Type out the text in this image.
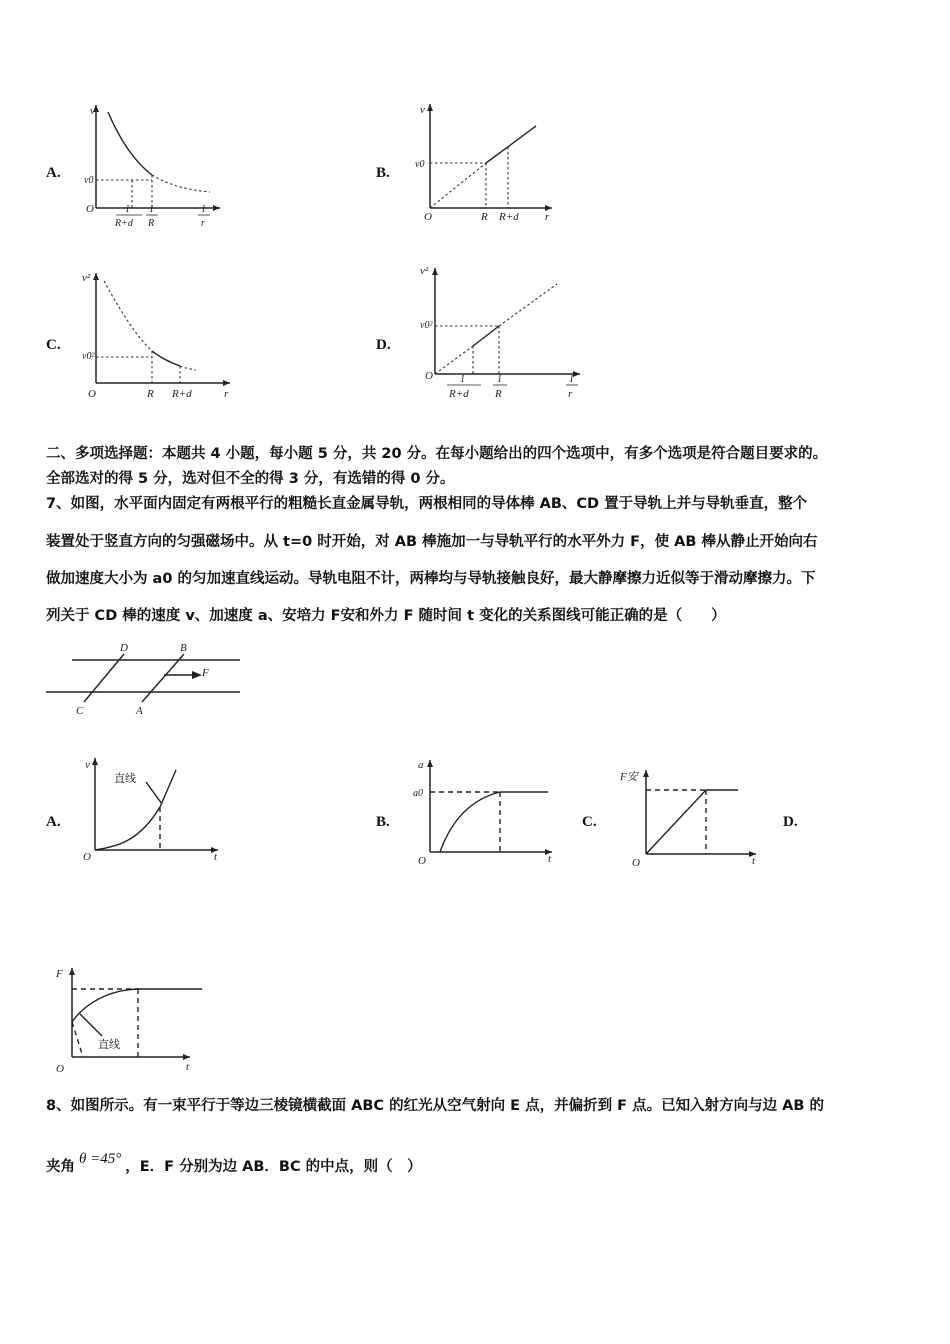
A.
v
v0
O	1
R+d
1
R
1
r
B.
v
v0
O	R R+d r
C.
v²
v0²
O	R R+d	r
D.
v²
v0²
O	1
R+d
1
R
1
r
二、多项选择题：本题共 4 小题，每小题 5 分，共 20 分。在每小题给出的四个选项中，有多个选项是符合题目要求的。
全部选对的得 5 分，选对但不全的得 3 分，有选错的得 0 分。
7、如图，水平面内固定有两根平行的粗糙长直金属导轨，两根相同的导体棒 AB、CD 置于导轨上并与导轨垂直，整个
装置处于竖直方向的匀强磁场中。从 t=0 时开始，对 AB 棒施加一与导轨平行的水平外力 F，使 AB 棒从静止开始向右
做加速度大小为 a0 的匀加速直线运动。导轨电阻不计，两棒均与导轨接触良好，最大静摩擦力近似等于滑动摩擦力。下
列关于 CD 棒的速度 v、加速度 a、安培力 F安和外力 F 随时间 t 变化的关系图线可能正确的是（　　）
D	B
C	A
F
A.
v
直线
O	t
B.
a
a0
O	t
C.
F安
O	t
D.
F
直线
O	t
8、如图所示。有一束平行于等边三棱镜横截面 ABC 的红光从空气射向 E 点，并偏折到 F 点。已知入射方向与边 AB 的
夹角 θ =45° ，E．F 分别为边 AB．BC 的中点，则（　）
